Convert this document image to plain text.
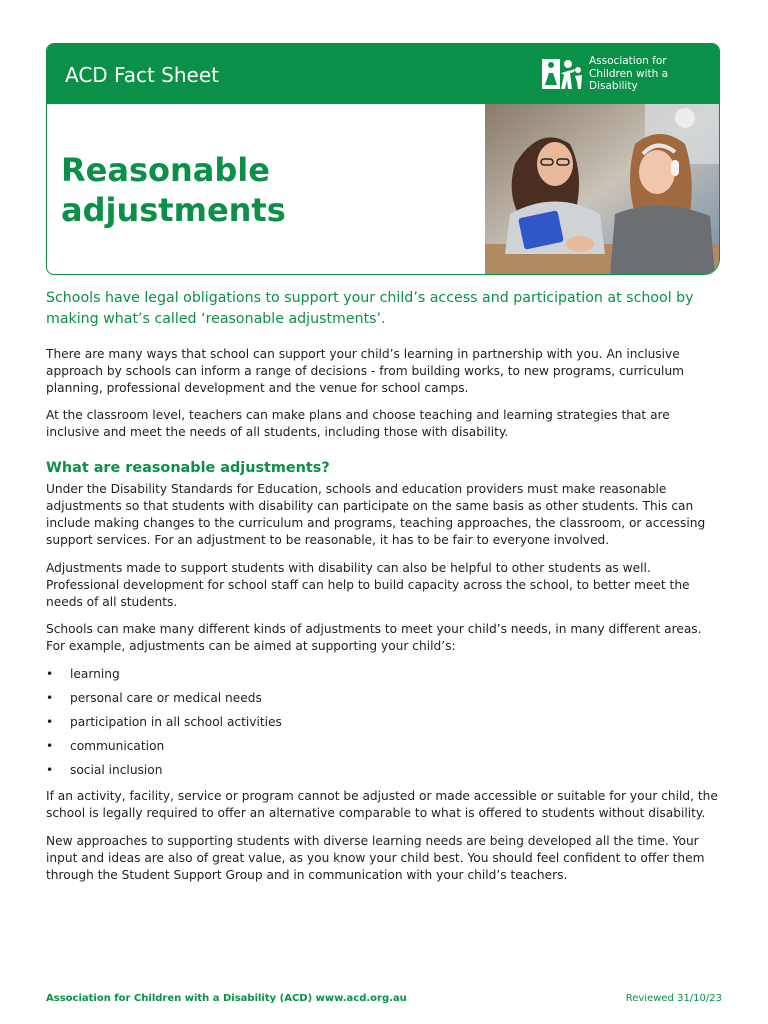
ACD Fact Sheet
Association for
Children with a
Disability
Reasonable
adjustments
Schools have legal obligations to support your child’s access and participation at school by making what’s called ‘reasonable adjustments’.

There are many ways that school can support your child’s learning in partnership with you. An inclusive approach by schools can inform a range of decisions - from building works, to new programs, curriculum planning, professional development and the venue for school camps.

At the classroom level, teachers can make plans and choose teaching and learning strategies that are inclusive and meet the needs of all students, including those with disability.

What are reasonable adjustments?

Under the Disability Standards for Education, schools and education providers must make reasonable adjustments so that students with disability can participate on the same basis as other students. This can include making changes to the curriculum and programs, teaching approaches, the classroom, or accessing support services. For an adjustment to be reasonable, it has to be fair to everyone involved.

Adjustments made to support students with disability can also be helpful to other students as well. Professional development for school staff can help to build capacity across the school, to better meet the needs of all students.

Schools can make many different kinds of adjustments to meet your child’s needs, in many different areas. For example, adjustments can be aimed at supporting your child’s:

•	learning
•	personal care or medical needs
•	participation in all school activities
•	communication
•	social inclusion

If an activity, facility, service or program cannot be adjusted or made accessible or suitable for your child, the school is legally required to offer an alternative comparable to what is offered to students without disability.

New approaches to supporting students with diverse learning needs are being developed all the time. Your input and ideas are also of great value, as you know your child best. You should feel confident to offer them through the Student Support Group and in communication with your child’s teachers.

Association for Children with a Disability (ACD) www.acd.org.au	Reviewed 31/10/23
